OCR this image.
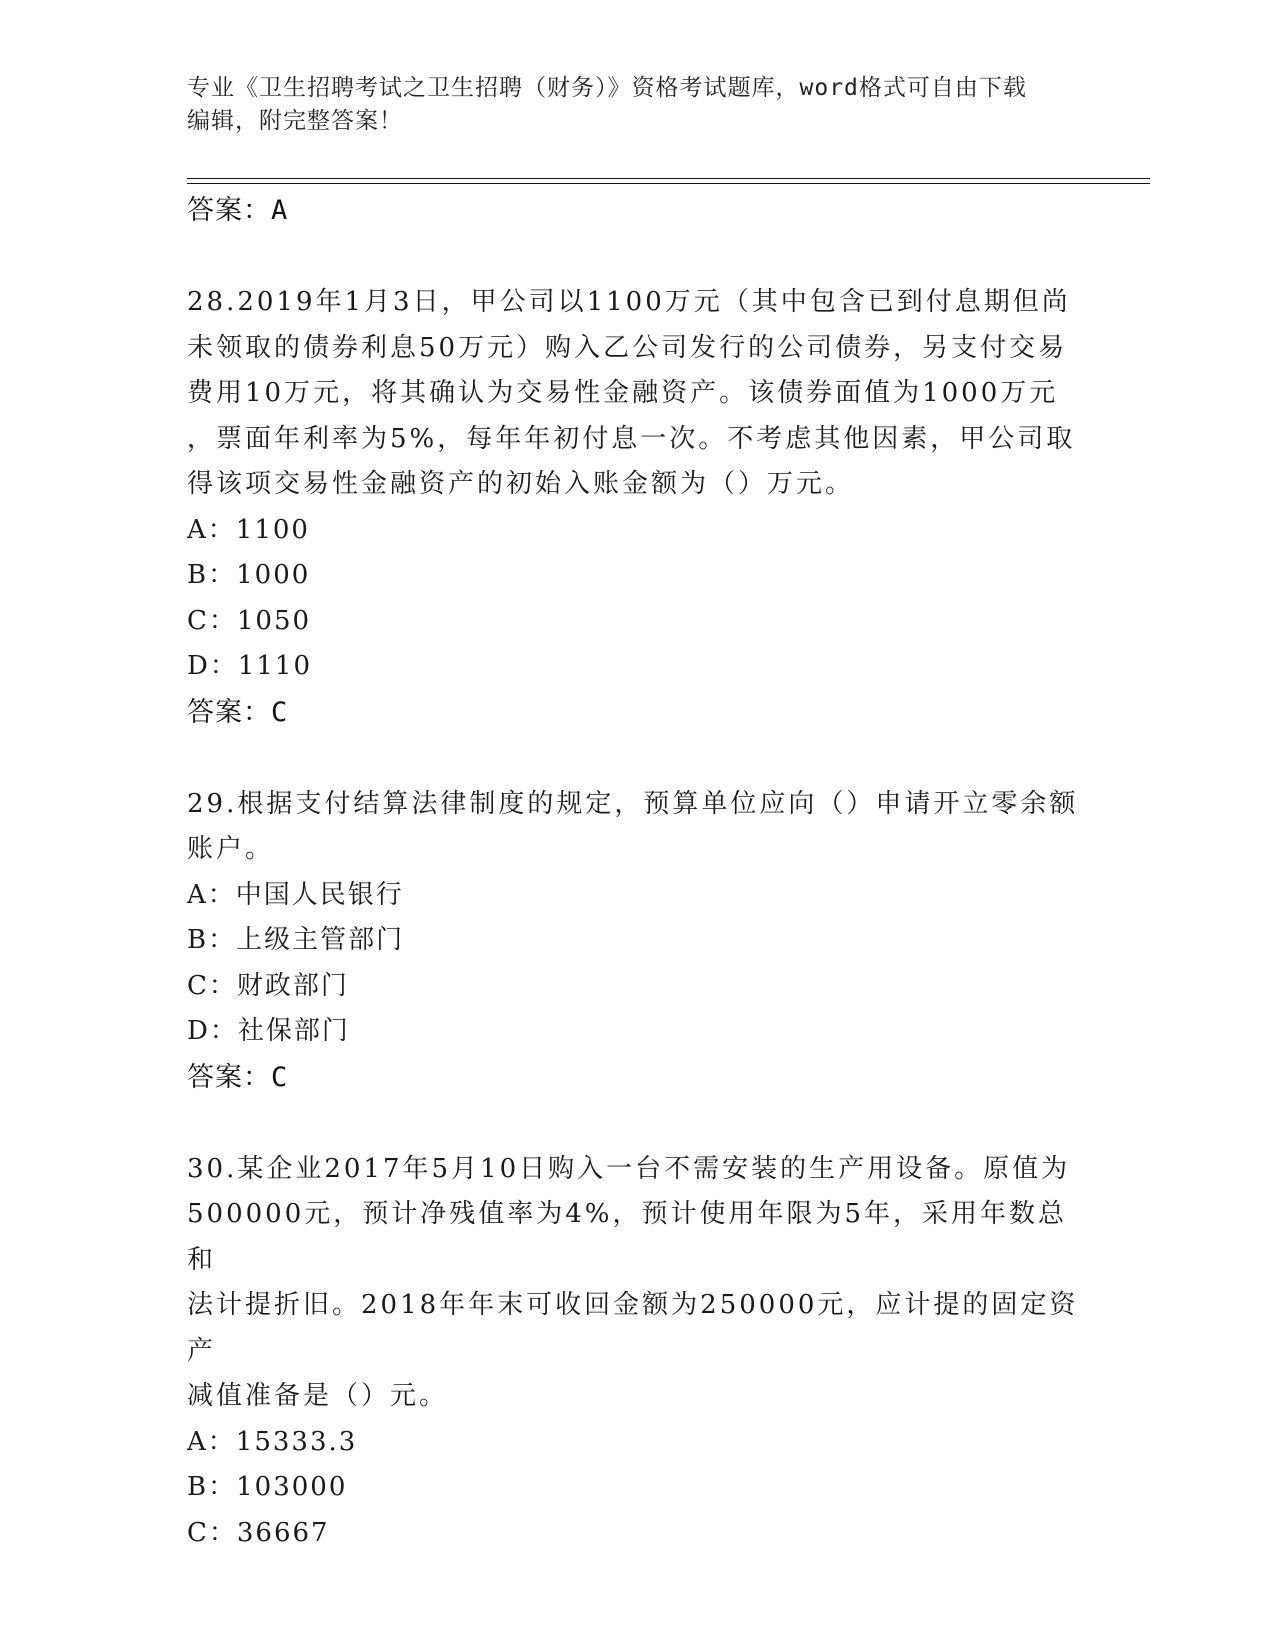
专业《卫生招聘考试之卫生招聘（财务）》资格考试题库，word格式可自由下载
编辑，附完整答案！
答案：A
28.2019年1月3日，甲公司以1100万元（其中包含已到付息期但尚
未领取的债券利息50万元）购入乙公司发行的公司债券，另支付交易
费用10万元，将其确认为交易性金融资产。该债券面值为1000万元
，票面年利率为5%，每年年初付息一次。不考虑其他因素，甲公司取
得该项交易性金融资产的初始入账金额为（）万元。
A：1100
B：1000
C：1050
D：1110
答案：C
29.根据支付结算法律制度的规定，预算单位应向（）申请开立零余额
账户。
A：中国人民银行
B：上级主管部门
C：财政部门
D：社保部门
答案：C
30.某企业2017年5月10日购入一台不需安装的生产用设备。原值为
500000元，预计净残值率为4%，预计使用年限为5年，采用年数总和
法计提折旧。2018年年末可收回金额为250000元，应计提的固定资产
减值准备是（）元。
A：15333.3
B：103000
C：36667
